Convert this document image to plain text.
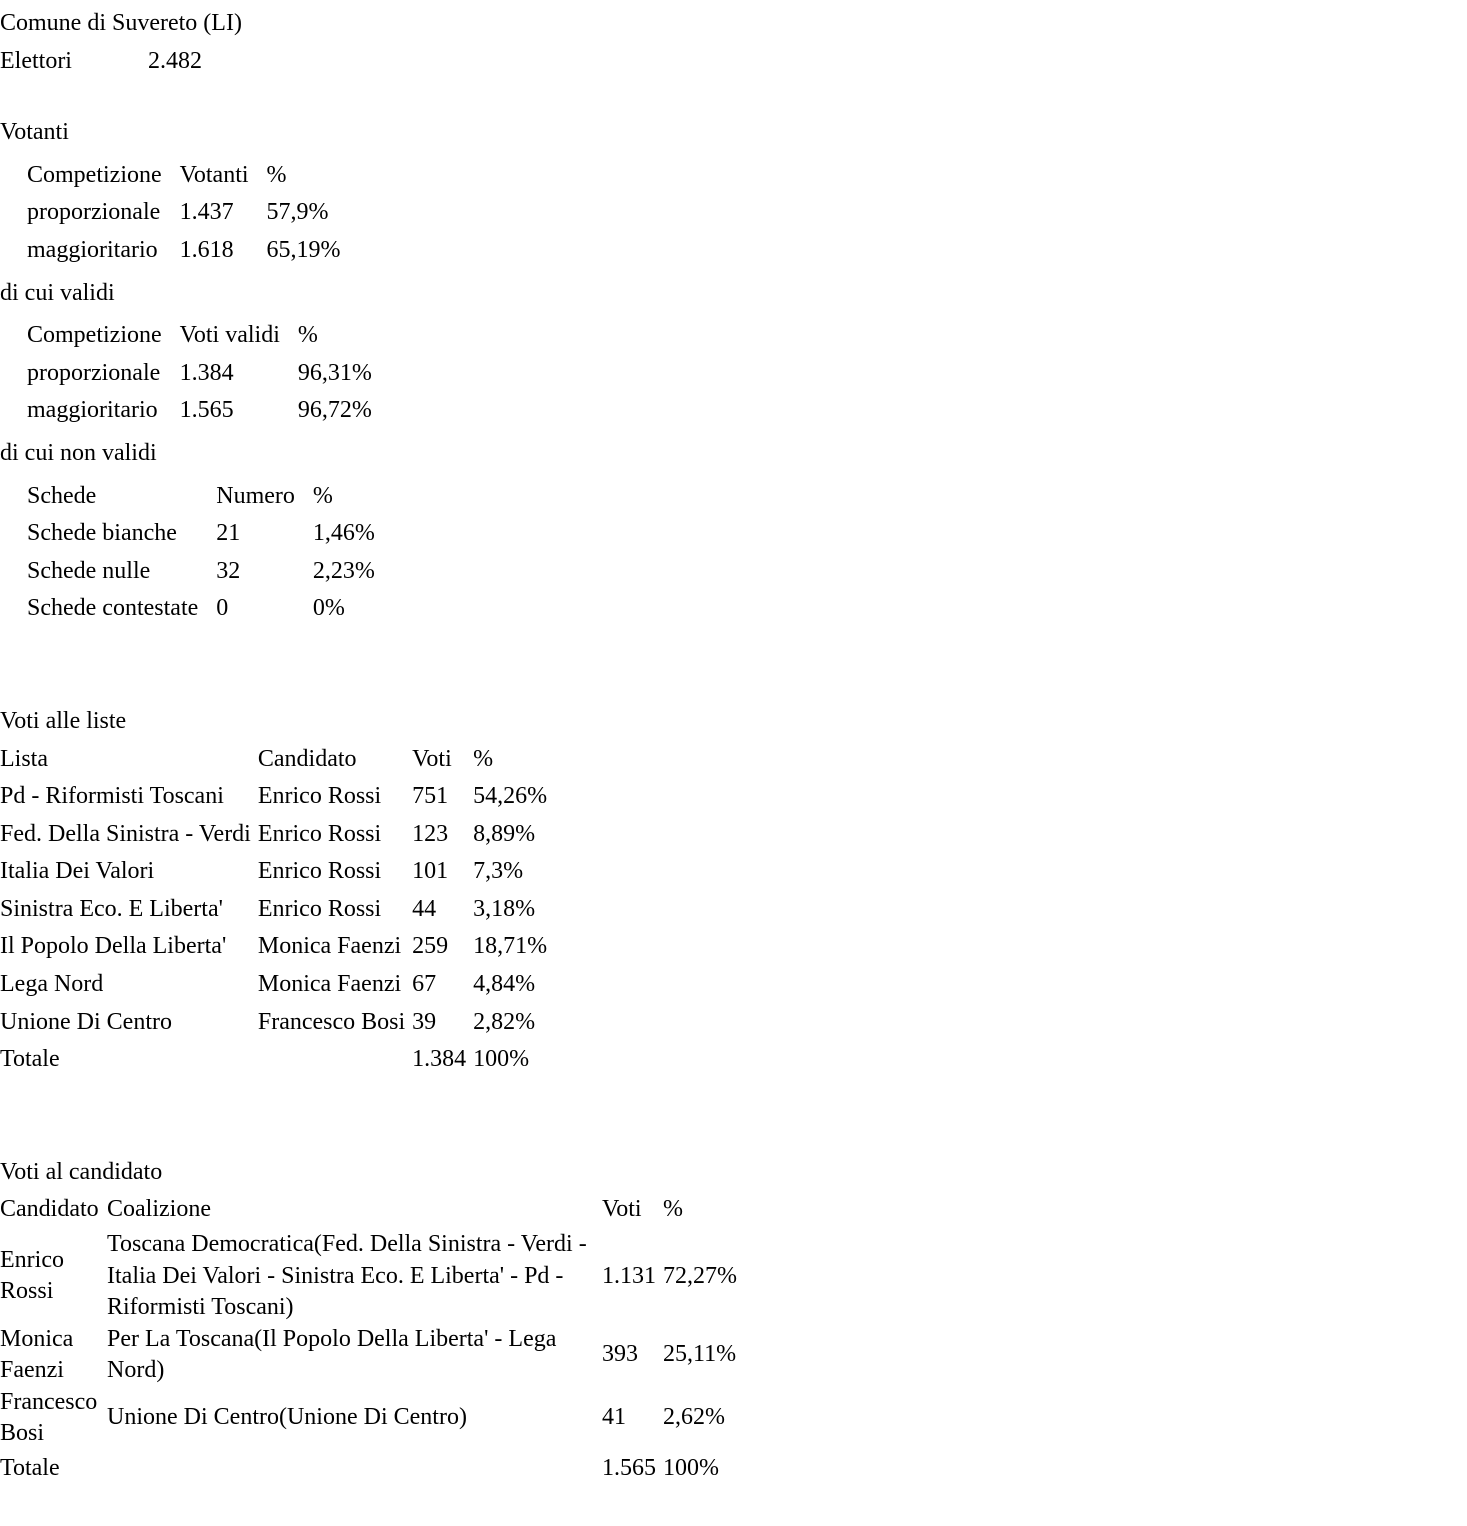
Comune di Suvereto (LI)

Elettori	2.482

Votanti

Competizione	Votanti	%
proporzionale	1.437	57,9%
maggioritario	1.618	65,19%

di cui validi

Competizione	Voti validi	%
proporzionale	1.384	96,31%
maggioritario	1.565	96,72%

di cui non validi

Schede	Numero	%
Schede bianche	21	1,46%
Schede nulle	32	2,23%
Schede contestate	0	0%

Voti alle liste

Lista	Candidato	Voti	%
Pd - Riformisti Toscani	Enrico Rossi	751	54,26%
Fed. Della Sinistra - Verdi	Enrico Rossi	123	8,89%
Italia Dei Valori	Enrico Rossi	101	7,3%
Sinistra Eco. E Liberta'	Enrico Rossi	44	3,18%
Il Popolo Della Liberta'	Monica Faenzi	259	18,71%
Lega Nord	Monica Faenzi	67	4,84%
Unione Di Centro	Francesco Bosi	39	2,82%
Totale		1.384	100%

Voti al candidato

Candidato	Coalizione	Voti	%
Enrico Rossi	Toscana Democratica(Fed. Della Sinistra - Verdi - Italia Dei Valori - Sinistra Eco. E Liberta' - Pd - Riformisti Toscani)	1.131	72,27%
Monica Faenzi	Per La Toscana(Il Popolo Della Liberta' - Lega Nord)	393	25,11%
Francesco Bosi	Unione Di Centro(Unione Di Centro)	41	2,62%
Totale		1.565	100%
